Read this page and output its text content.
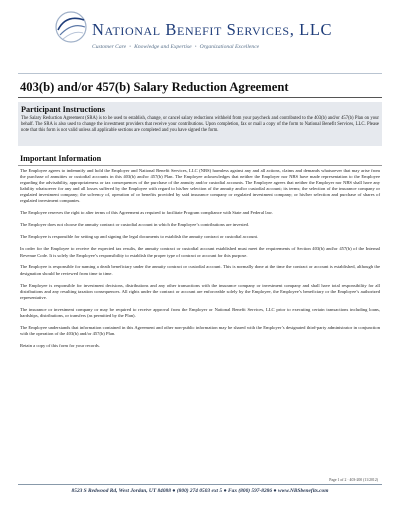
National Benefit Services, LLC
Customer Care • Knowledge and Expertise • Organizational Excellence
403(b) and/or 457(b) Salary Reduction Agreement
Participant Instructions

The Salary Reduction Agreement (SRA) is to be used to establish, change, or cancel salary reductions withheld from your paycheck and contributed to the 403(b) and/or 457(b) Plan on your behalf. The SRA is also used to change the investment providers that receive your contributions. Upon completion, fax or mail a copy of the form to National Benefit Services, LLC. Please note that this form is not valid unless all applicable sections are completed and you have signed the form.

Important Information

The Employee agrees to indemnify and hold the Employer and National Benefit Services, LLC (NBS) harmless against any and all actions, claims and demands whatsoever that may arise from the purchase of annuities or custodial accounts in this 403(b) and/or 457(b) Plan. The Employee acknowledges that neither the Employer nor NBS have made representation to the Employee regarding the advisability, appropriateness or tax consequences of the purchase of the annuity and/or custodial accounts. The Employee agrees that neither the Employer nor NBS shall have any liability whatsoever for any and all losses suffered by the Employee with regard to his/her selection of the annuity and/or custodial account; its terms; the selection of the insurance company or regulated investment company; the solvency of, operation of or benefits provided by said insurance company or regulated investment company; or his/her selection and purchase of shares of regulated investment companies.

The Employee reserves the right to alter terms of this Agreement as required to facilitate Program compliance with State and Federal law.

The Employer does not choose the annuity contract or custodial account in which the Employee’s contributions are invested.

The Employee is responsible for setting up and signing the legal documents to establish the annuity contract or custodial account.

In order for the Employee to receive the expected tax results, the annuity contract or custodial account established must meet the requirements of Section 403(b) and/or 457(b) of the Internal Revenue Code. It is solely the Employee’s responsibility to establish the proper type of contract or account for this purpose.

The Employee is responsible for naming a death beneficiary under the annuity contract or custodial account. This is normally done at the time the contract or account is established, although the designation should be reviewed from time to time.

The Employee is responsible for investment decisions, distributions and any other transactions with the insurance company or investment company and shall have total responsibility for all distributions and any resulting taxation consequences. All rights under the contract or account are enforceable solely by the Employee, the Employee’s beneficiary or the Employee’s authorized representative.

The insurance or investment company or may be required to receive approval from the Employer or National Benefit Services, LLC prior to executing certain transactions including loans, hardships, distributions, or transfers (as permitted by the Plan).

The Employee understands that information contained in this Agreement and other non-public information may be shared with the Employer’s designated third-party administrator in conjunction with the operation of the 403(b) and/or 457(b) Plan.

Retain a copy of this form for your records.

Page 1 of 2 · 403-200 (11/2012)
8523 S Redwood Rd, West Jordan, UT 84088 ● (800) 274 0503 ext 5 ● Fax (800) 597-8286 ● www.NBSbenefits.com
